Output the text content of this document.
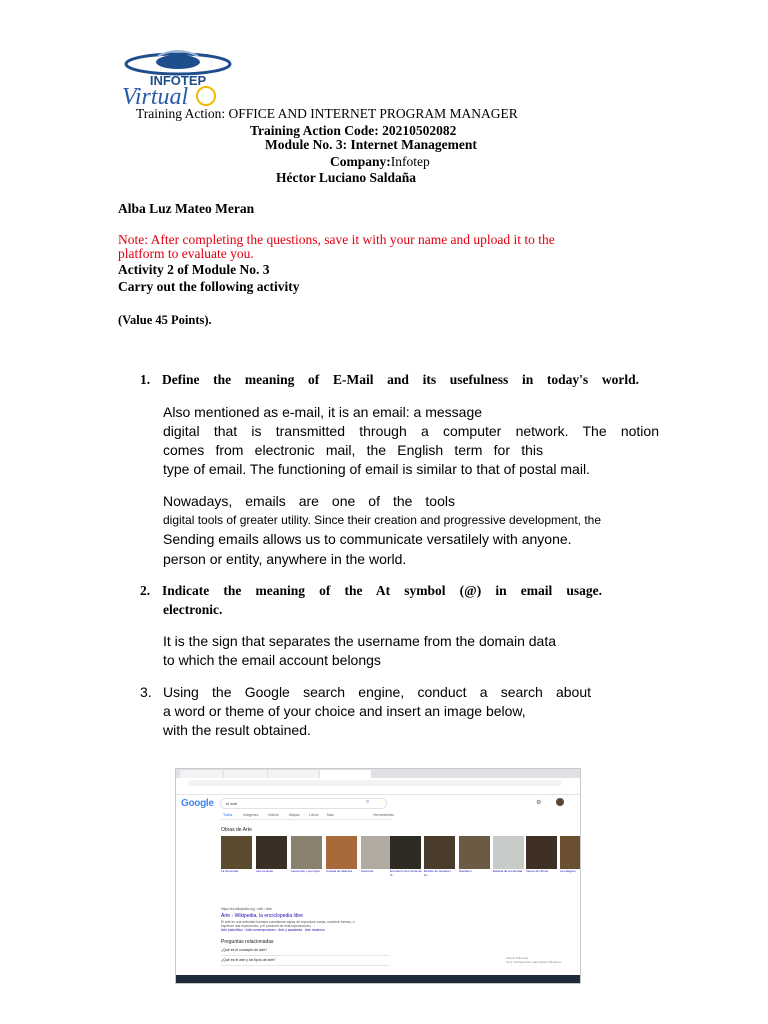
INFOTEP
Virtual
Training Action: OFFICE AND INTERNET PROGRAM MANAGER
Training Action Code: 20210502082
Module No. 3: Internet Management
Company:Infotep
Héctor Luciano Saldaña
Alba Luz Mateo Meran
Note: After completing the questions, save it with your name and upload it to the
platform to evaluate you.
Activity 2 of Module No. 3
Carry out the following activity
(Value 45 Points).
1. Define the meaning of E-Mail and its usefulness in today's world.
Also mentioned as e-mail, it is an email: a message
digital that is transmitted through a computer network. The notion
comes from electronic mail, the English term for this
type of email. The functioning of email is similar to that of postal mail.
Nowadays, emails are one of the tools
digital tools of greater utility. Since their creation and progressive development, the
Sending emails allows us to communicate versatilely with anyone.
person or entity, anywhere in the world.
2. Indicate the meaning of the At symbol (@) in email usage.
electronic.
It is the sign that separates the username from the domain data
to which the email account belongs
3. Using the Google search engine, conduct a search about
a word or theme of your choice and insert an image below,
with the result obtained.
Google	el arte	⌕	⚙
Todos	Imágenes	Videos	Mapas	Libros Más	Herramientas
Obras de Arte
La Gioconda	Las meninas	Laocoonte y sus hijos	Cuevas de Altamira	Guernica	El entierro del conde de O...
Retrato de Giovanni Ar...
Davidson	Estatua de la Libertad	Venus de Urbino	Los alegres
https://es.wikipedia.org › wiki › Arte
Arte - Wikipedia, la enciclopedia libre
El arte es una actividad humana consistente capaz de reproducir cosas, construir formas, o
expresar una experiencia, y el producto de esta reproducción, ...
Arte paleolítico · Arte contemporáneo · Arte y academia · Arte moderno
Preguntas relacionadas
¿Qué es el concepto de arte?
¿Qué es el arte y los tipos de arte?	Activar Windows
Ve a Configuración para activar Windows.
